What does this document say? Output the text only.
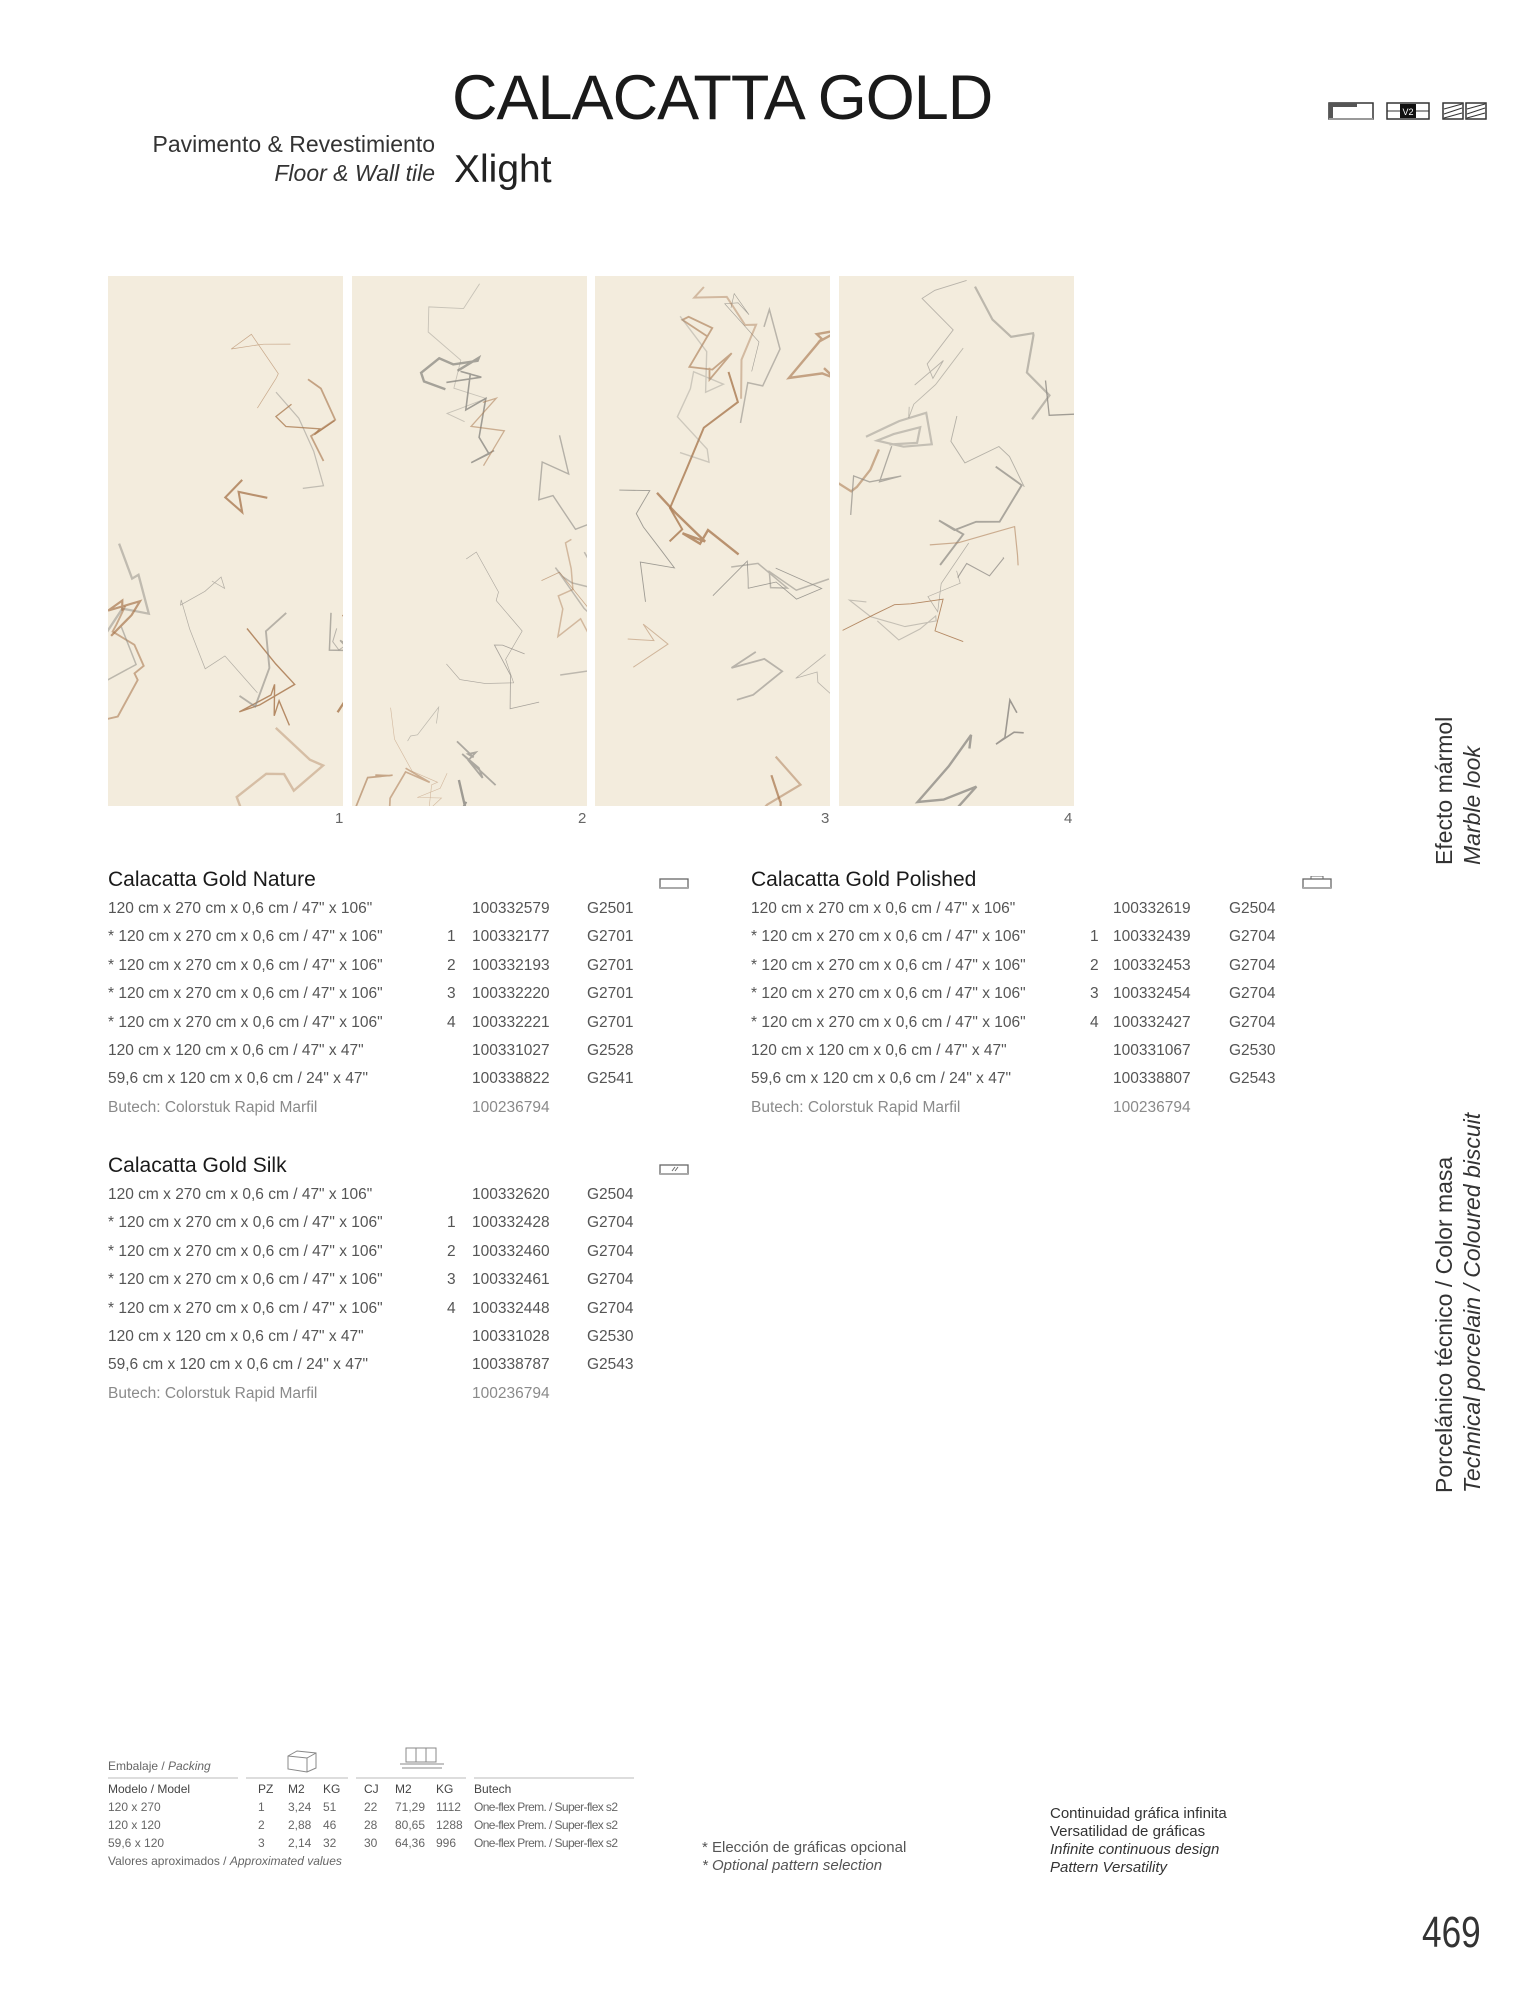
CALACATTA GOLD
Pavimento & Revestimiento
Floor & Wall tile Xlight
V2
1	2	3	4
Calacatta Gold Nature
120 cm x 270 cm x 0,6 cm / 47" x 106"	100332579 G2501
* 120 cm x 270 cm x 0,6 cm / 47" x 106"	1 100332177 G2701
* 120 cm x 270 cm x 0,6 cm / 47" x 106"	2 100332193 G2701
* 120 cm x 270 cm x 0,6 cm / 47" x 106"	3 100332220 G2701
* 120 cm x 270 cm x 0,6 cm / 47" x 106"	4 100332221 G2701
120 cm x 120 cm x 0,6 cm / 47" x 47"	100331027 G2528
59,6 cm x 120 cm x 0,6 cm / 24" x 47"	100338822 G2541
Butech: Colorstuk Rapid Marfil	100236794
Calacatta Gold Polished
120 cm x 270 cm x 0,6 cm / 47" x 106"	100332619 G2504
* 120 cm x 270 cm x 0,6 cm / 47" x 106"	1 100332439 G2704
* 120 cm x 270 cm x 0,6 cm / 47" x 106"	2 100332453 G2704
* 120 cm x 270 cm x 0,6 cm / 47" x 106"	3 100332454 G2704
* 120 cm x 270 cm x 0,6 cm / 47" x 106"	4 100332427 G2704
120 cm x 120 cm x 0,6 cm / 47" x 47"	100331067 G2530
59,6 cm x 120 cm x 0,6 cm / 24" x 47"	100338807 G2543
Butech: Colorstuk Rapid Marfil	100236794
Calacatta Gold Silk
120 cm x 270 cm x 0,6 cm / 47" x 106"	100332620 G2504
* 120 cm x 270 cm x 0,6 cm / 47" x 106"	1 100332428 G2704
* 120 cm x 270 cm x 0,6 cm / 47" x 106"	2 100332460 G2704
* 120 cm x 270 cm x 0,6 cm / 47" x 106"	3 100332461 G2704
* 120 cm x 270 cm x 0,6 cm / 47" x 106"	4 100332448 G2704
120 cm x 120 cm x 0,6 cm / 47" x 47"	100331028 G2530
59,6 cm x 120 cm x 0,6 cm / 24" x 47"	100338787 G2543
Butech: Colorstuk Rapid Marfil	100236794
Efecto mármol Marble look
Porcelánico técnico / Color masa Technical porcelain / Coloured biscuit
Embalaje / Packing
Modelo / Model	PZ M2 KG CJ M2 KG Butech
120 x 270	1 3,24 51 22 71,29 1112 One-flex Prem. / Super-flex s2
120 x 120	2 2,88 46 28 80,65 1288 One-flex Prem. / Super-flex s2
59,6 x 120	3 2,14 32 30 64,36 996 One-flex Prem. / Super-flex s2
Valores aproximados / Approximated values
* Elección de gráficas opcional
* Optional pattern selection
Continuidad gráfica infinita
Versatilidad de gráficas
Infinite continuous design
Pattern Versatility
469
